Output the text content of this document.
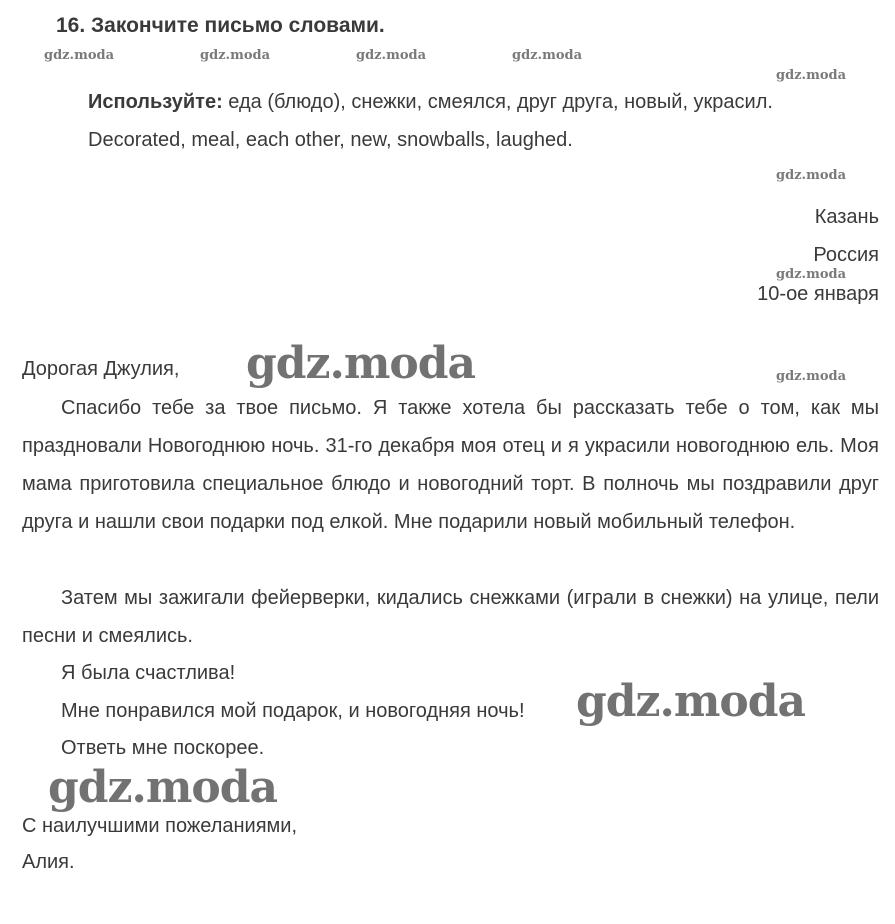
16. Закончите письмо словами.
gdz.moda	gdz.moda	gdz.moda	gdz.moda
gdz.moda
Используйте: еда (блюдо), снежки, смеялся, друг друга, новый, украсил.
Decorated, meal, each other, new, snowballs, laughed.
gdz.moda
Казань
Россия
gdz.moda
10-ое января
Дорогая Джулия, gdz.moda	gdz.moda
Спасибо тебе за твое письмо. Я также хотела бы рассказать тебе о том, как мы праздновали Новогоднюю ночь. 31-го декабря моя отец и я украсили новогоднюю ель. Моя мама приготовила специальное блюдо и новогодний торт. В полночь мы поздравили друг друга и нашли свои подарки под елкой. Мне подарили новый мобильный телефон.
Затем мы зажигали фейерверки, кидались снежками (играли в снежки) на улице, пели песни и смеялись.
Я была счастлива!
Мне понравился мой подарок, и новогодняя ночь! gdz.moda
Ответь мне поскорее.
gdz.moda
С наилучшими пожеланиями,
Алия.
